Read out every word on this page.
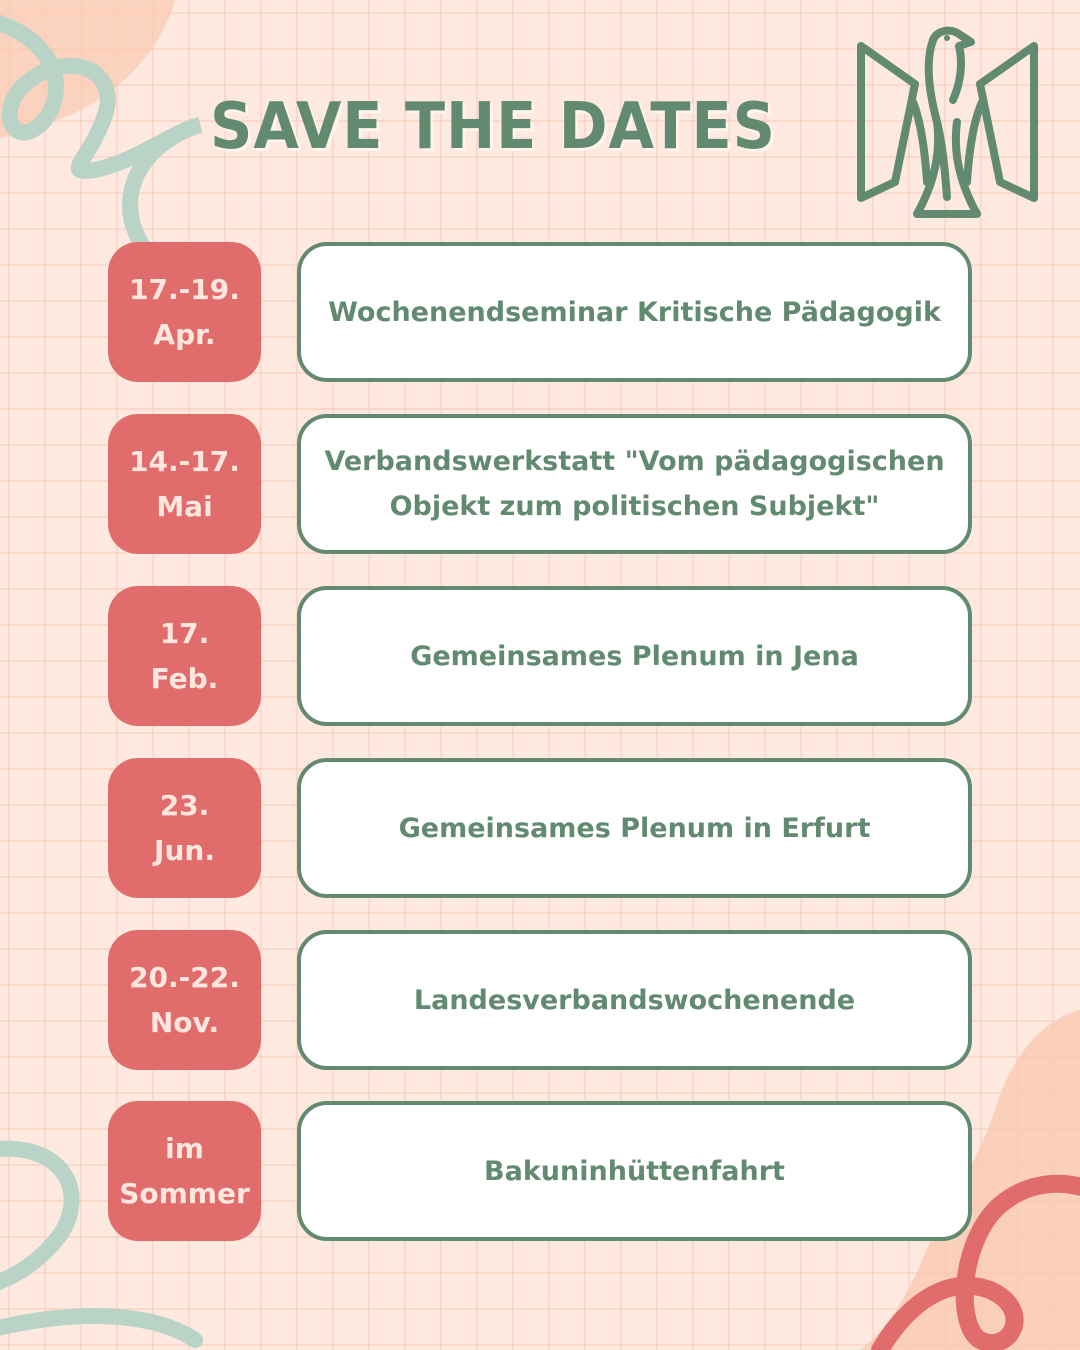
SAVE THE DATES
17.-19.
Apr.
Wochenendseminar Kritische Pädagogik
14.-17.
Mai
Verbandswerkstatt "Vom pädagogischen
Objekt zum politischen Subjekt"
17.
Feb.
Gemeinsames Plenum in Jena
23.
Jun.
Gemeinsames Plenum in Erfurt
20.-22.
Nov.
Landesverbandswochenende
im
Sommer
Bakuninhüttenfahrt
